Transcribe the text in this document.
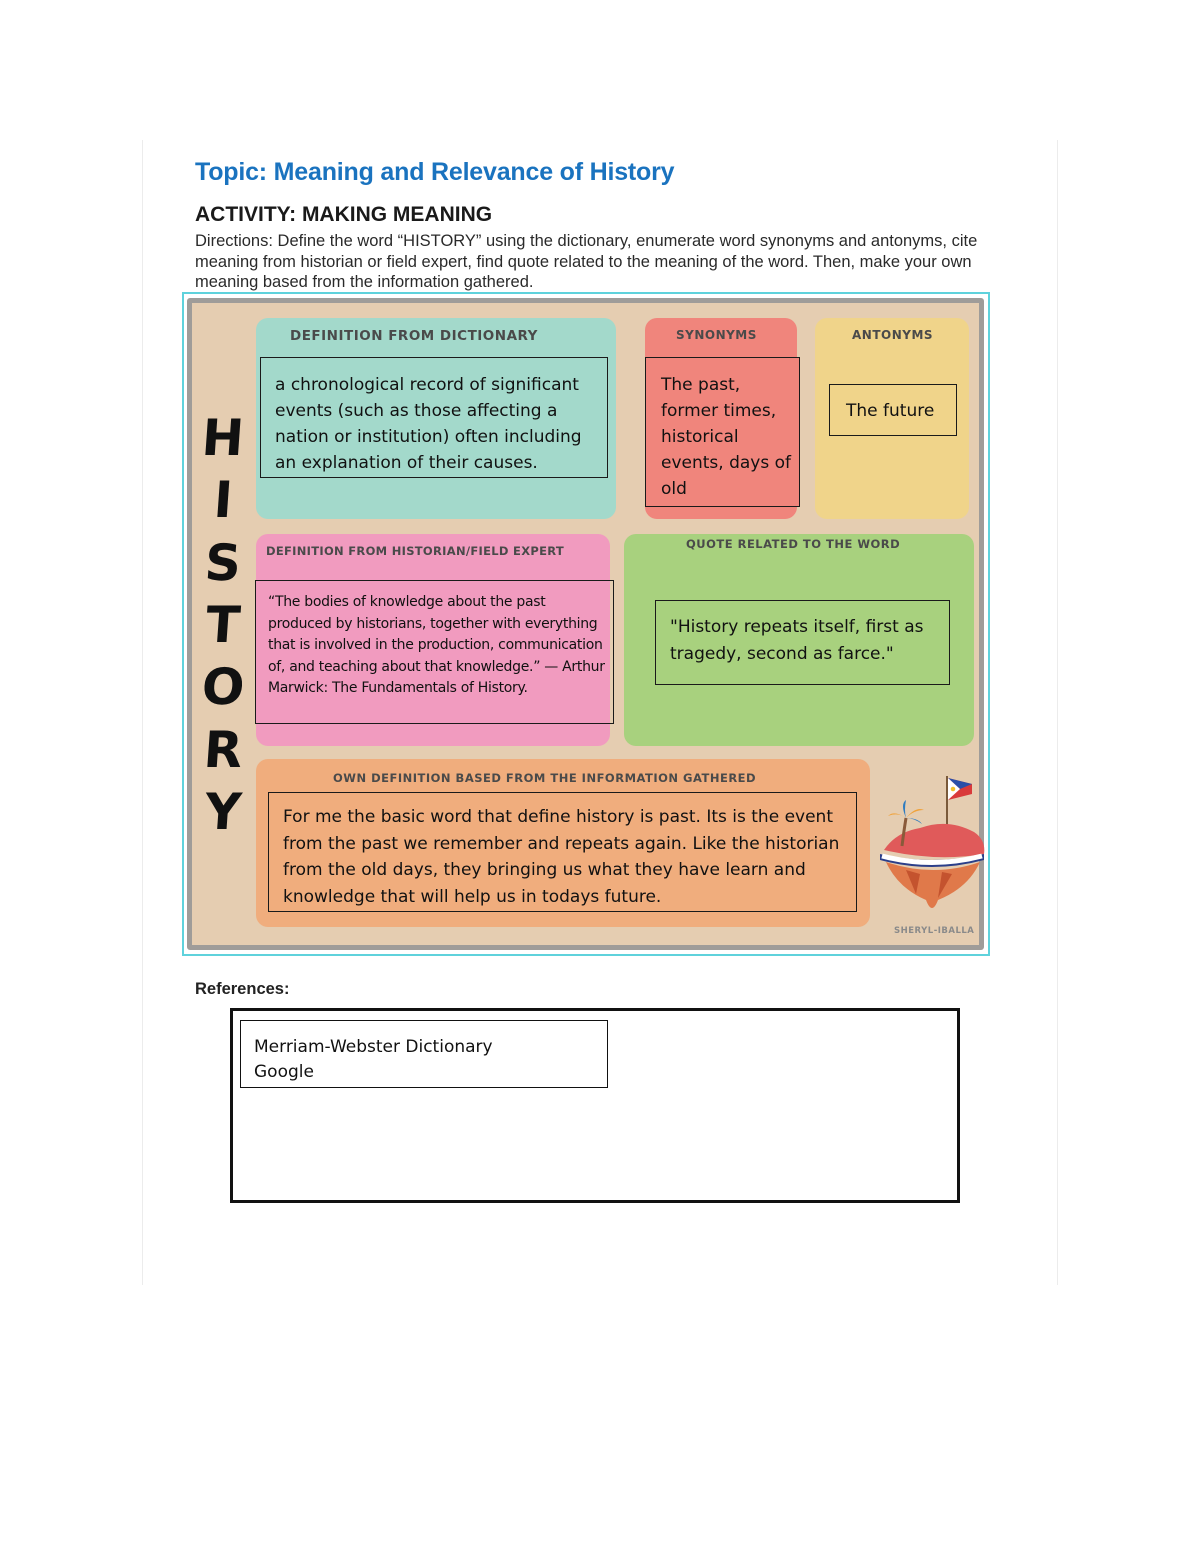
Topic: Meaning and Relevance of History
ACTIVITY: MAKING MEANING
Directions: Define the word “HISTORY” using the dictionary, enumerate word synonyms and antonyms, cite meaning from historian or field expert, find quote related to the meaning of the word. Then, make your own meaning based from the information gathered.
H
I
S
T
O
R
Y
DEFINITION FROM DICTIONARY
a chronological record of significant events (such as those affecting a nation or institution) often including an explanation of their causes.
SYNONYMS
The past, former times, historical events, days of old
ANTONYMS
The future
DEFINITION FROM HISTORIAN/FIELD EXPERT
“The bodies of knowledge about the past produced by historians, together with everything that is involved in the production, communication of, and teaching about that knowledge.” — Arthur Marwick: The Fundamentals of History.
QUOTE RELATED TO THE WORD
"History repeats itself, first as tragedy, second as farce."
OWN DEFINITION BASED FROM THE INFORMATION GATHERED
For me the basic word that define history is past. Its is the event from the past we remember and repeats again. Like the historian from the old days, they bringing us what they have learn and knowledge that will help us in todays future.
SHERYL-IBALLA
References:
Merriam-Webster Dictionary
Google
